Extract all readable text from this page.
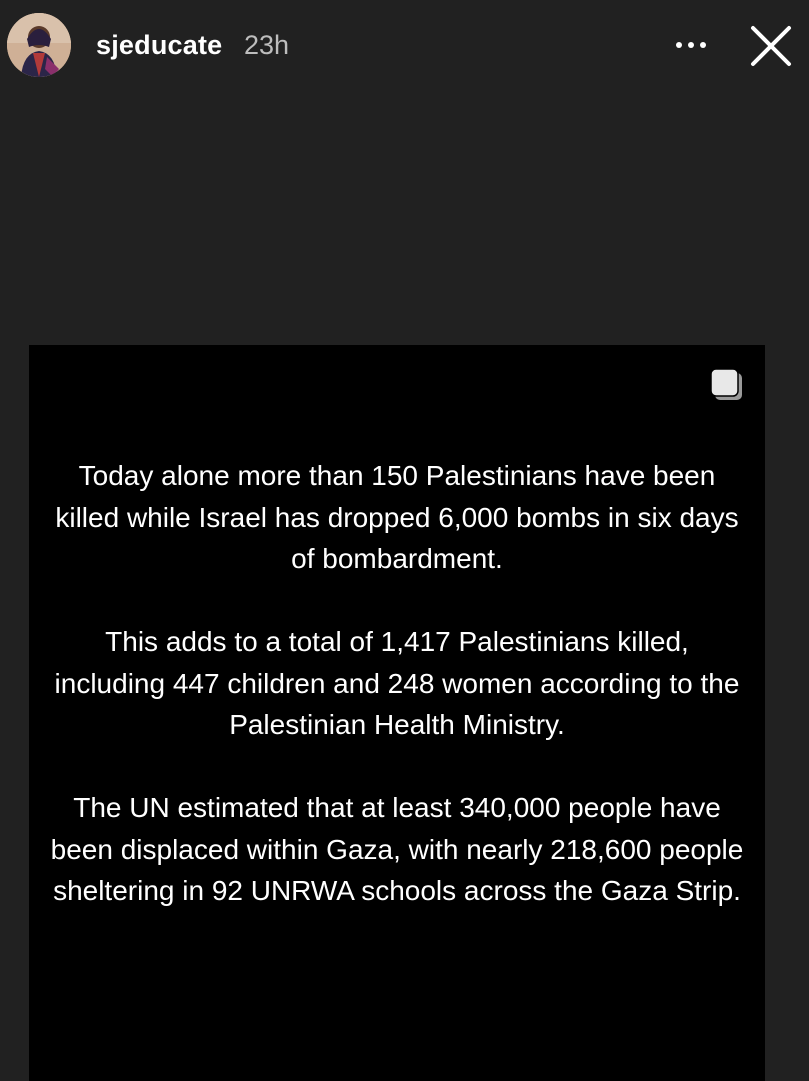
sjeducate 23h

Today alone more than 150 Palestinians have been killed while Israel has dropped 6,000 bombs in six days of bombardment.

This adds to a total of 1,417 Palestinians killed, including 447 children and 248 women according to the Palestinian Health Ministry.

The UN estimated that at least 340,000 people have been displaced within Gaza, with nearly 218,600 people sheltering in 92 UNRWA schools across the Gaza Strip.
